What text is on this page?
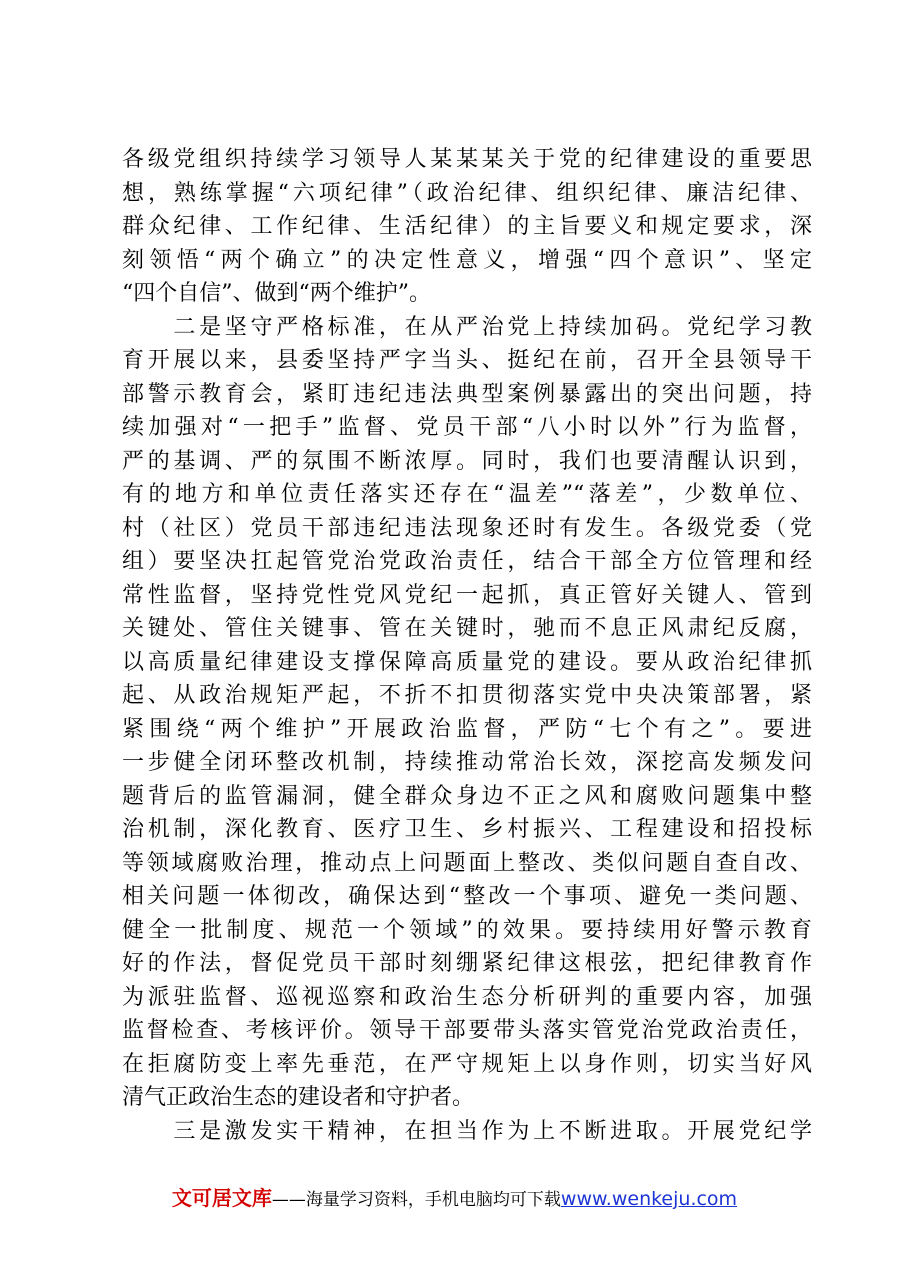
各级党组织持续学习领导人某某某关于党的纪律建设的重要思
想，熟练掌握“六项纪律”（政治纪律、组织纪律、廉洁纪律、
群众纪律、工作纪律、生活纪律）的主旨要义和规定要求，深
刻领悟“两个确立”的决定性意义，增强“四个意识”、坚定
“四个自信”、做到“两个维护”。
　　二是坚守严格标准，在从严治党上持续加码。党纪学习教
育开展以来，县委坚持严字当头、挺纪在前，召开全县领导干
部警示教育会，紧盯违纪违法典型案例暴露出的突出问题，持
续加强对“一把手”监督、党员干部“八小时以外”行为监督，
严的基调、严的氛围不断浓厚。同时，我们也要清醒认识到，
有的地方和单位责任落实还存在“温差”“落差”，少数单位、
村（社区）党员干部违纪违法现象还时有发生。各级党委（党
组）要坚决扛起管党治党政治责任，结合干部全方位管理和经
常性监督，坚持党性党风党纪一起抓，真正管好关键人、管到
关键处、管住关键事、管在关键时，驰而不息正风肃纪反腐，
以高质量纪律建设支撑保障高质量党的建设。要从政治纪律抓
起、从政治规矩严起，不折不扣贯彻落实党中央决策部署，紧
紧围绕“两个维护”开展政治监督，严防“七个有之”。要进
一步健全闭环整改机制，持续推动常治长效，深挖高发频发问
题背后的监管漏洞，健全群众身边不正之风和腐败问题集中整
治机制，深化教育、医疗卫生、乡村振兴、工程建设和招投标
等领域腐败治理，推动点上问题面上整改、类似问题自查自改、
相关问题一体彻改，确保达到“整改一个事项、避免一类问题、
健全一批制度、规范一个领域”的效果。要持续用好警示教育
好的作法，督促党员干部时刻绷紧纪律这根弦，把纪律教育作
为派驻监督、巡视巡察和政治生态分析研判的重要内容，加强
监督检查、考核评价。领导干部要带头落实管党治党政治责任，
在拒腐防变上率先垂范，在严守规矩上以身作则，切实当好风
清气正政治生态的建设者和守护者。
　　三是激发实干精神，在担当作为上不断进取。开展党纪学
文可居文库——海量学习资料，手机电脑均可下载www.wenkeju.com
